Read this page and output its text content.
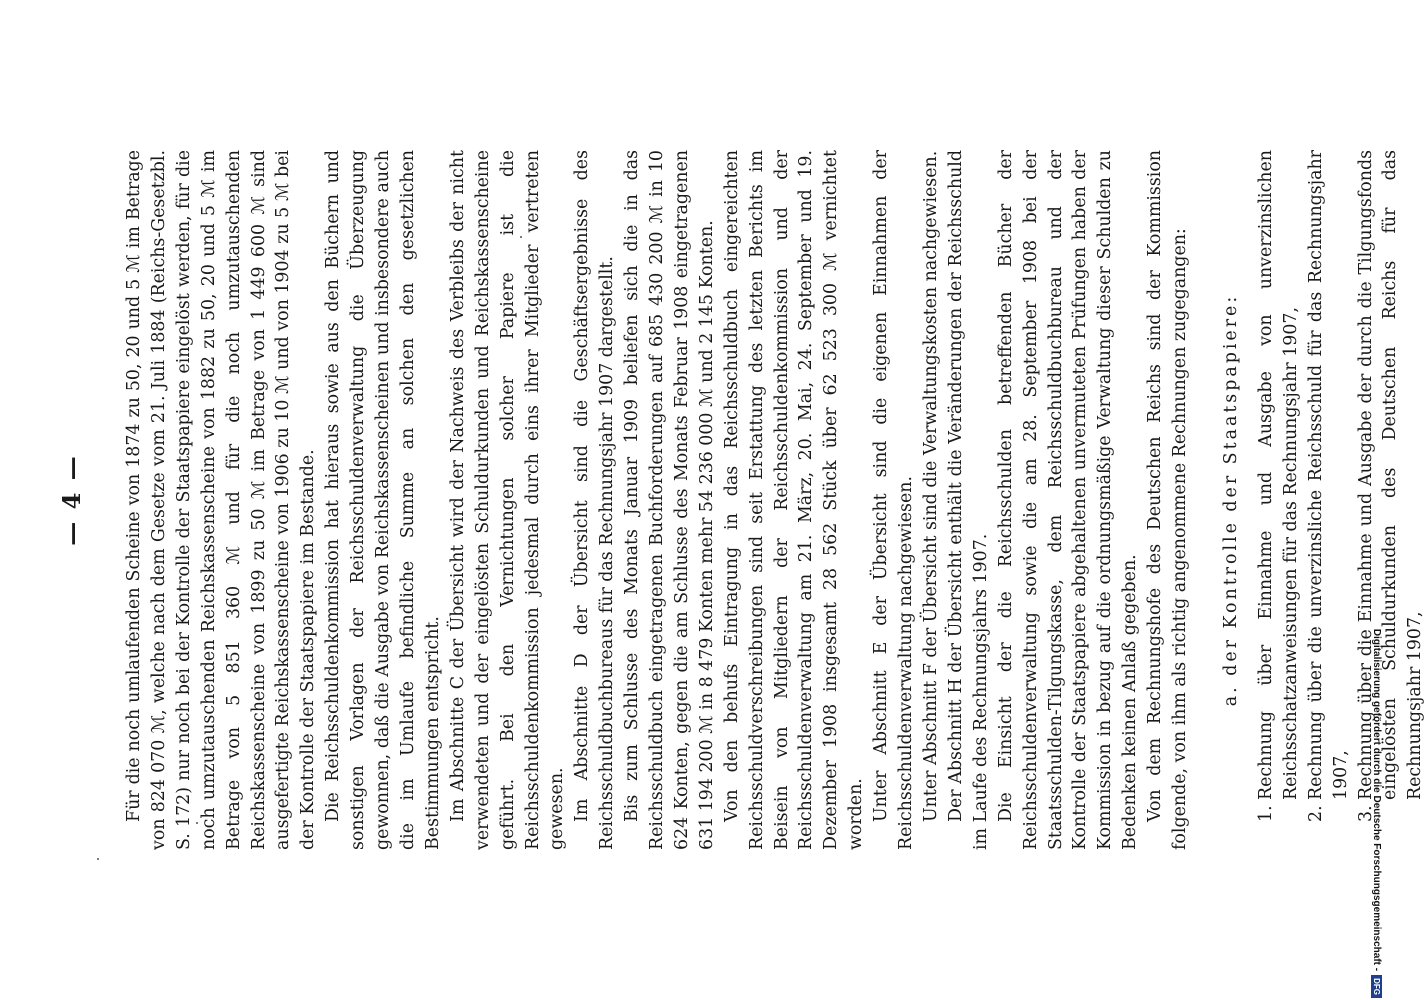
— 4 — Für die noch umlaufenden Scheine von 1874 zu 50, 20 und 5 ℳ im Betrage von 824 070 ℳ, welche nach dem Gesetze vom 21. Juli 1884 (Reichs-Gesetzbl. S. 172) nur noch bei der Kontrolle der Staatspapiere eingelöst werden, für die noch umzutauschenden Reichskassenscheine von 1882 zu 50, 20 und 5 ℳ im Betrage von 5 851 360 ℳ und für die noch umzutauschenden Reichskassenscheine von 1899 zu 50 ℳ im Betrage von 1 449 600 ℳ sind ausgefertigte Reichskassenscheine von 1906 zu 10 ℳ und von 1904 zu 5 ℳ bei der Kontrolle der Staatspapiere im Bestande. Die Reichsschuldenkommission hat hieraus sowie aus den Büchern und sonstigen Vorlagen der Reichsschuldenverwaltung die Überzeugung gewonnen, daß die Ausgabe von Reichskassenscheinen und insbesondere auch die im Umlaufe befindliche Summe an solchen den gesetzlichen Bestimmungen entspricht. Im Abschnitte C der Übersicht wird der Nachweis des Verbleibs der nicht verwendeten und der eingelösten Schuldurkunden und Reichskassenscheine geführt. Bei den Vernichtungen solcher Papiere ist die Reichsschuldenkommission jedesmal durch eins ihrer Mitglieder vertreten gewesen. Im Abschnitte D der Übersicht sind die Geschäftsergebnisse des Reichsschuldbuchbureaus für das Rechnungsjahr 1907 dargestellt. Bis zum Schlusse des Monats Januar 1909 beliefen sich die in das Reichsschuldbuch eingetragenen Buchforderungen auf 685 430 200 ℳ in 10 624 Konten, gegen die am Schlusse des Monats Februar 1908 eingetragenen 631 194 200 ℳ in 8 479 Konten mehr 54 236 000 ℳ und 2 145 Konten. Von den behufs Eintragung in das Reichsschuldbuch eingereichten Reichsschuldverschreibungen sind seit Erstattung des letzten Berichts im Beisein von Mitgliedern der Reichsschuldenkommission und der Reichsschuldenverwaltung am 21. März, 20. Mai, 24. September und 19. Dezember 1908 insgesamt 28 562 Stück über 62 523 300 ℳ vernichtet worden. Unter Abschnitt E der Übersicht sind die eigenen Einnahmen der Reichsschuldenverwaltung nachgewiesen. Unter Abschnitt F der Übersicht sind die Verwaltungskosten nachgewiesen. Der Abschnitt H der Übersicht enthält die Veränderungen der Reichsschuld im Laufe des Rechnungsjahrs 1907. Die Einsicht der die Reichsschulden betreffenden Bücher der Reichsschuldenverwaltung sowie die am 28. September 1908 bei der Staatsschulden-Tilgungskasse, dem Reichsschuldbuchbureau und der Kontrolle der Staatspapiere abgehaltenen unvermuteten Prüfungen haben der Kommission in bezug auf die ordnungsmäßige Verwaltung dieser Schulden zu Bedenken keinen Anlaß gegeben. Von dem Rechnungshofe des Deutschen Reichs sind der Kommission folgende, von ihm als richtig angenommene Rechnungen zugegangen: a. der Kontrolle der Staatspapiere:
1.
Rechnung über Einnahme und Ausgabe von unverzinslichen Reichsschatzanweisungen für das Rechnungsjahr 1907,
2.
Rechnung über die unverzinsliche Reichsschuld für das Rechnungsjahr 1907,
3.
Rechnung über die Einnahme und Ausgabe der durch die Tilgungsfonds eingelösten Schuldurkunden des Deutschen Reichs für das Rechnungsjahr 1907,
Digitalisierung gefördert durch die Deutsche Forschungsgemeinschaft -
DFG
